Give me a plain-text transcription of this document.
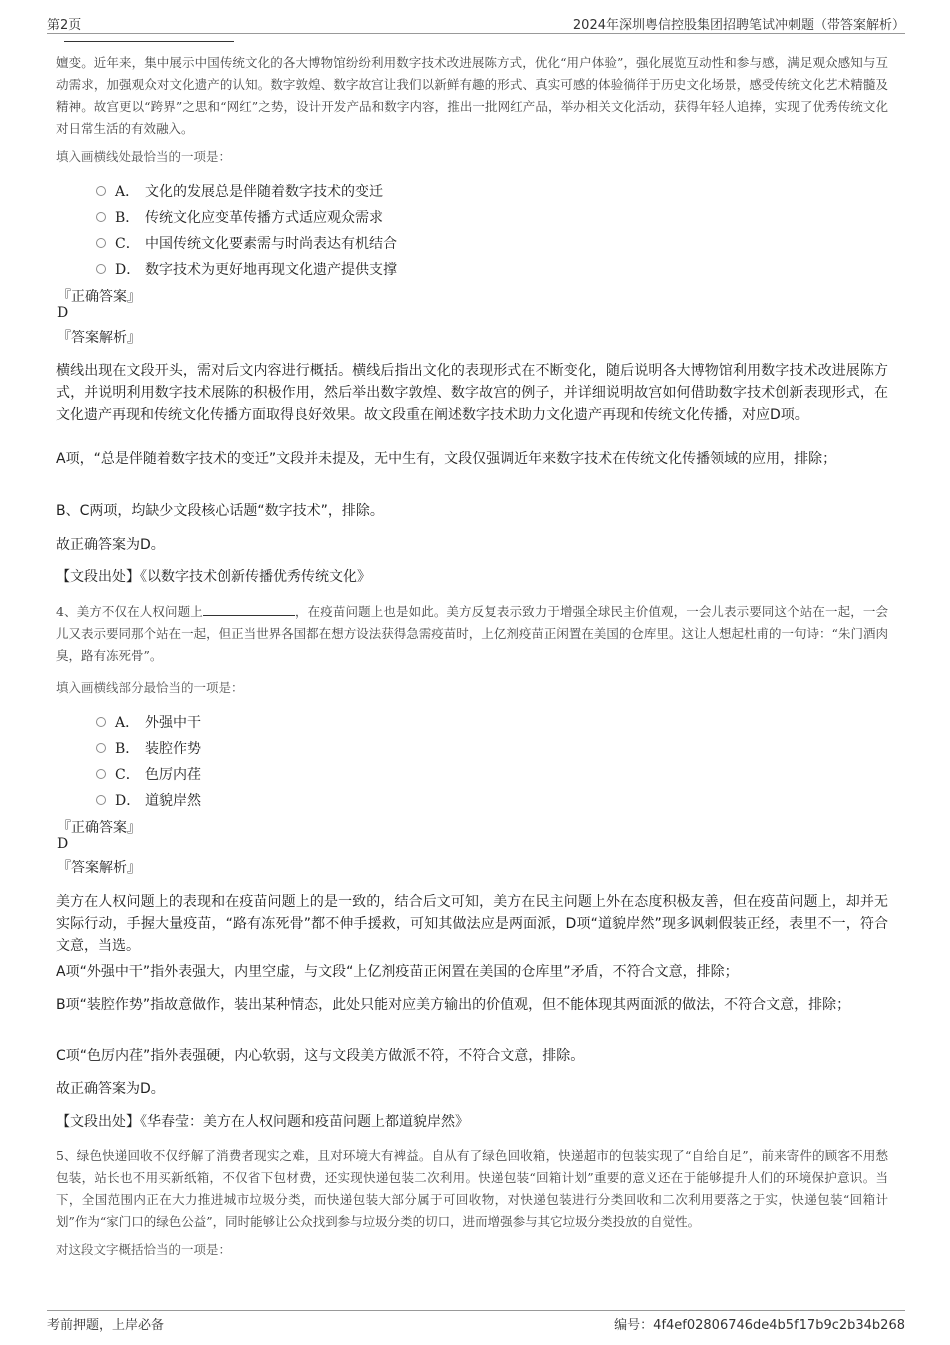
第2页	2024年深圳粤信控股集团招聘笔试冲刺题（带答案解析）
嬗变。近年来，集中展示中国传统文化的各大博物馆纷纷利用数字技术改进展陈方式，优化“用户体验”，强化展览互动性和参与感，满足观众感知与互动需求，加强观众对文化遗产的认知。数字敦煌、数字故宫让我们以新鲜有趣的形式、真实可感的体验徜徉于历史文化场景，感受传统文化艺术精髓及精神。故宫更以“跨界”之思和“网红”之势，设计开发产品和数字内容，推出一批网红产品，举办相关文化活动，获得年轻人追捧，实现了优秀传统文化对日常生活的有效融入。
填入画横线处最恰当的一项是：
A． 文化的发展总是伴随着数字技术的变迁
B． 传统文化应变革传播方式适应观众需求
C． 中国传统文化要素需与时尚表达有机结合
D． 数字技术为更好地再现文化遗产提供支撑
『正确答案』
D
『答案解析』
横线出现在文段开头，需对后文内容进行概括。横线后指出文化的表现形式在不断变化，随后说明各大博物馆利用数字技术改进展陈方式，并说明利用数字技术展陈的积极作用，然后举出数字敦煌、数字故宫的例子，并详细说明故宫如何借助数字技术创新表现形式，在文化遗产再现和传统文化传播方面取得良好效果。故文段重在阐述数字技术助力文化遗产再现和传统文化传播，对应D项。
A项，“总是伴随着数字技术的变迁”文段并未提及，无中生有，文段仅强调近年来数字技术在传统文化传播领域的应用，排除；
B、C两项，均缺少文段核心话题“数字技术”，排除。
故正确答案为D。
【文段出处】《以数字技术创新传播优秀传统文化》
4、美方不仅在人权问题上	，在疫苗问题上也是如此。美方反复表示致力于增强全球民主价值观，一会儿表示要同这个站在一起，一会儿又表示要同那个站在一起，但正当世界各国都在想方设法获得急需疫苗时，上亿剂疫苗正闲置在美国的仓库里。这让人想起杜甫的一句诗：“朱门酒肉臭，路有冻死骨”。
填入画横线部分最恰当的一项是：
A． 外强中干
B． 装腔作势
C． 色厉内荏
D． 道貌岸然
『正确答案』
D
『答案解析』
美方在人权问题上的表现和在疫苗问题上的是一致的，结合后文可知，美方在民主问题上外在态度积极友善，但在疫苗问题上，却并无实际行动，手握大量疫苗，“路有冻死骨”都不伸手援救，可知其做法应是两面派，D项“道貌岸然”现多讽刺假装正经，表里不一，符合文意，当选。
A项“外强中干”指外表强大，内里空虚，与文段“上亿剂疫苗正闲置在美国的仓库里”矛盾，不符合文意，排除；
B项“装腔作势”指故意做作，装出某种情态，此处只能对应美方输出的价值观，但不能体现其两面派的做法，不符合文意，排除；
C项“色厉内荏”指外表强硬，内心软弱，这与文段美方做派不符，不符合文意，排除。
故正确答案为D。
【文段出处】《华春莹：美方在人权问题和疫苗问题上都道貌岸然》
5、绿色快递回收不仅纾解了消费者现实之难，且对环境大有裨益。自从有了绿色回收箱，快递超市的包装实现了“自给自足”，前来寄件的顾客不用愁包装，站长也不用买新纸箱，不仅省下包材费，还实现快递包装二次利用。快递包装“回箱计划”重要的意义还在于能够提升人们的环境保护意识。当下，全国范围内正在大力推进城市垃圾分类，而快递包装大部分属于可回收物，对快递包装进行分类回收和二次利用要落之于实，快递包装“回箱计划”作为“家门口的绿色公益”，同时能够让公众找到参与垃圾分类的切口，进而增强参与其它垃圾分类投放的自觉性。
对这段文字概括恰当的一项是：
考前押题，上岸必备	编号：4f4ef02806746de4b5f17b9c2b34b268
